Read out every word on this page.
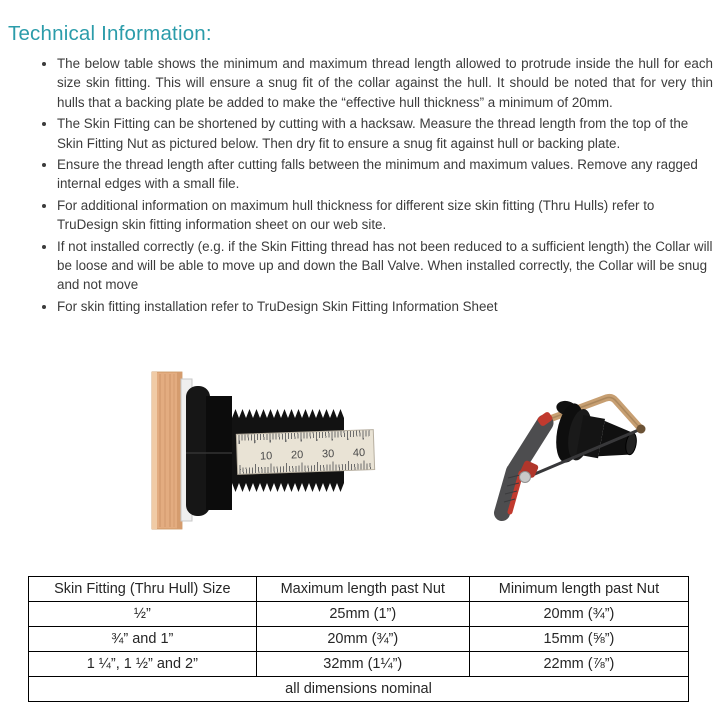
Technical Information:
• The below table shows the minimum and maximum thread length allowed to protrude inside the hull for each size skin fitting. This will ensure a snug fit of the collar against the hull. It should be noted that for very thin hulls that a backing plate be added to make the “effective hull thickness” a minimum of 20mm.
• The Skin Fitting can be shortened by cutting with a hacksaw. Measure the thread length from the top of the Skin Fitting Nut as pictured below. Then dry fit to ensure a snug fit against hull or backing plate.
• Ensure the thread length after cutting falls between the minimum and maximum values. Remove any ragged internal edges with a small file.
• For additional information on maximum hull thickness for different size skin fitting (Thru Hulls) refer to TruDesign skin fitting information sheet on our web site.
• If not installed correctly (e.g. if the Skin Fitting thread has not been reduced to a sufficient length) the Collar will be loose and will be able to move up and down the Ball Valve. When installed correctly, the Collar will be snug and not move
• For skin fitting installation refer to TruDesign Skin Fitting Information Sheet
10 20 30 40
Skin Fitting (Thru Hull) Size	Maximum length past Nut	Minimum length past Nut
½”	25mm (1”)	20mm (¾”)
¾” and 1”	20mm (¾”)	15mm (⅝”)
1 ¼”, 1 ½” and 2”	32mm (1¼”)	22mm (⅞”)
all dimensions nominal		
